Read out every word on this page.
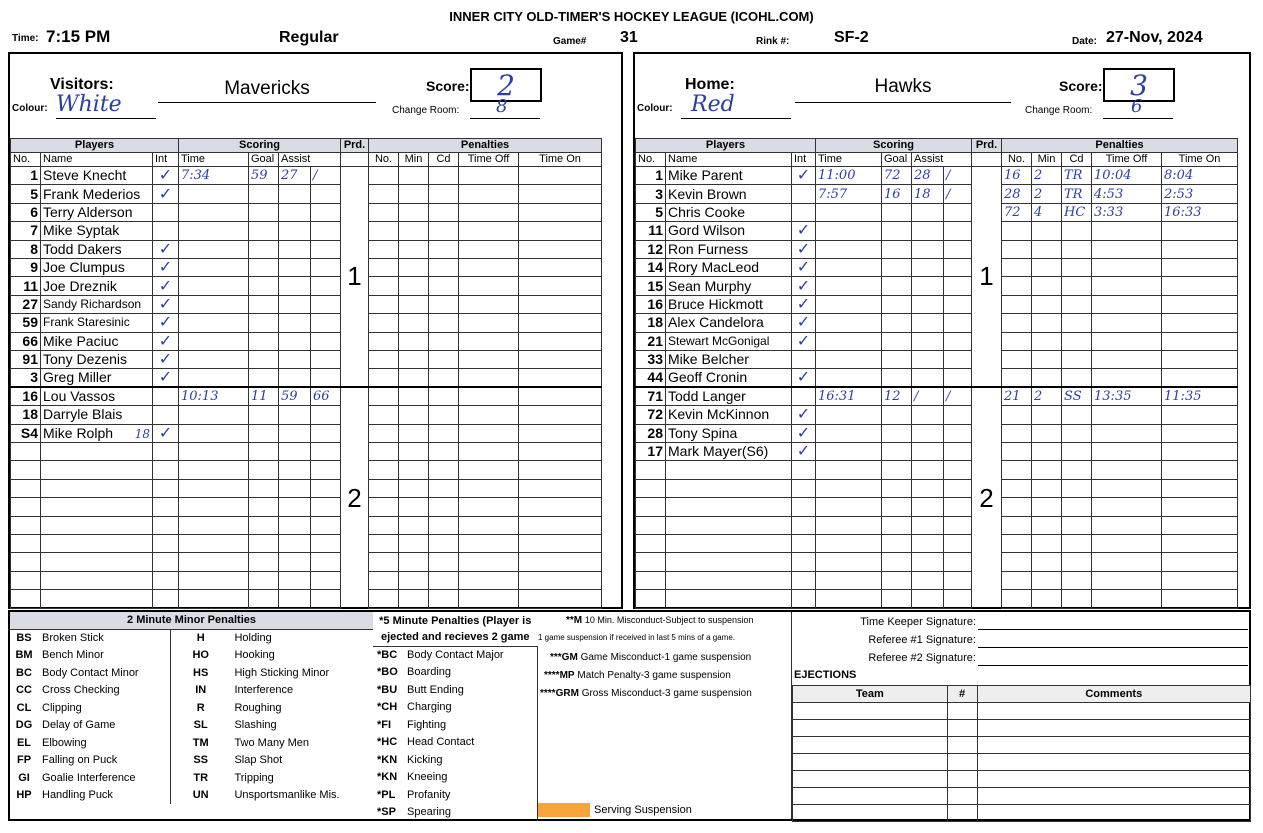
INNER CITY OLD-TIMER'S HOCKEY LEAGUE (ICOHL.COM)
Time: 7:15 PM	Regular	Game# 31	Rink #:	SF-2	Date: 27-Nov, 2024
Visitors:
Colour: White
Mavericks	Score: 2
Change Room: 8
Players			Scoring				Prd.	Penalties				
No.	Name	Int	Time	Goal	Assist			No.	Min	Cd	Time Off	Time On
1	Steve Knecht	✓	7:34	59	27	/	1					
5	Frank Mederios	✓										
6	Terry Alderson											
7	Mike Syptak											
8	Todd Dakers	✓										
9	Joe Clumpus	✓										
11	Joe Dreznik	✓										
27	Sandy Richardson	✓										
59	Frank Staresinic	✓										
66	Mike Paciuc	✓										
91	Tony Dezenis	✓										
3	Greg Miller	✓										
16	Lou Vassos		10:13	11	59	66	2					
18	Darryle Blais											
S4	Mike Rolph 18	✓										

Home:
Colour: Red
Hawks	Score: 3
Change Room: 6
Players			Scoring				Prd.	Penalties				
No.	Name	Int	Time	Goal	Assist			No.	Min	Cd	Time Off	Time On
1	Mike Parent	✓	11:00	72	28	/	1	16	2	TR	10:04	8:04
3	Kevin Brown		7:57	16	18	/		28	2	TR	4:53	2:53
5	Chris Cooke							72	4	HC	3:33	16:33
11	Gord Wilson	✓										
12	Ron Furness	✓										
14	Rory MacLeod	✓										
15	Sean Murphy	✓										
16	Bruce Hickmott	✓										
18	Alex Candelora	✓										
21	Stewart McGonigal	✓										
33	Mike Belcher											
44	Geoff Cronin	✓										
71	Todd Langer		16:31	12	/	/	2	21	2	SS	13:35	11:35
72	Kevin McKinnon	✓										
28	Tony Spina	✓										
17	Mark Mayer(S6)	✓										

2 Minute Minor Penalties			
BS	Broken Stick	H	Holding
BM	Bench Minor	HO	Hooking
BC	Body Contact Minor	HS	High Sticking Minor
CC	Cross Checking	IN	Interference
CL	Clipping	R	Roughing
DG	Delay of Game	SL	Slashing
EL	Elbowing	TM	Two Many Men
FP	Falling on Puck	SS	Slap Shot
GI	Goalie Interference	TR	Tripping
HP	Handling Puck	UN	Unsportsmanlike Mis.
*5 Minute Penalties (Player is	
ejected and recieves 2 game	
*BC	Body Contact Major
*BO	Boarding
*BU	Butt Ending
*CH	Charging
*FI	Fighting
*HC	Head Contact
*KN	Kicking
*KN	Kneeing
*PL	Profanity
*SP	Spearing
**M 10 Min. Misconduct-Subject to suspension
1 game suspension if received in last 5 mins of a game.
***GM Game Misconduct-1 game suspension
****MP Match Penalty-3 game suspension
****GRM Gross Misconduct-3 game suspension
Serving Suspension
Time Keeper Signature:
Referee #1 Signature:
Referee #2 Signature:
EJECTIONS
Team	#	Comments
